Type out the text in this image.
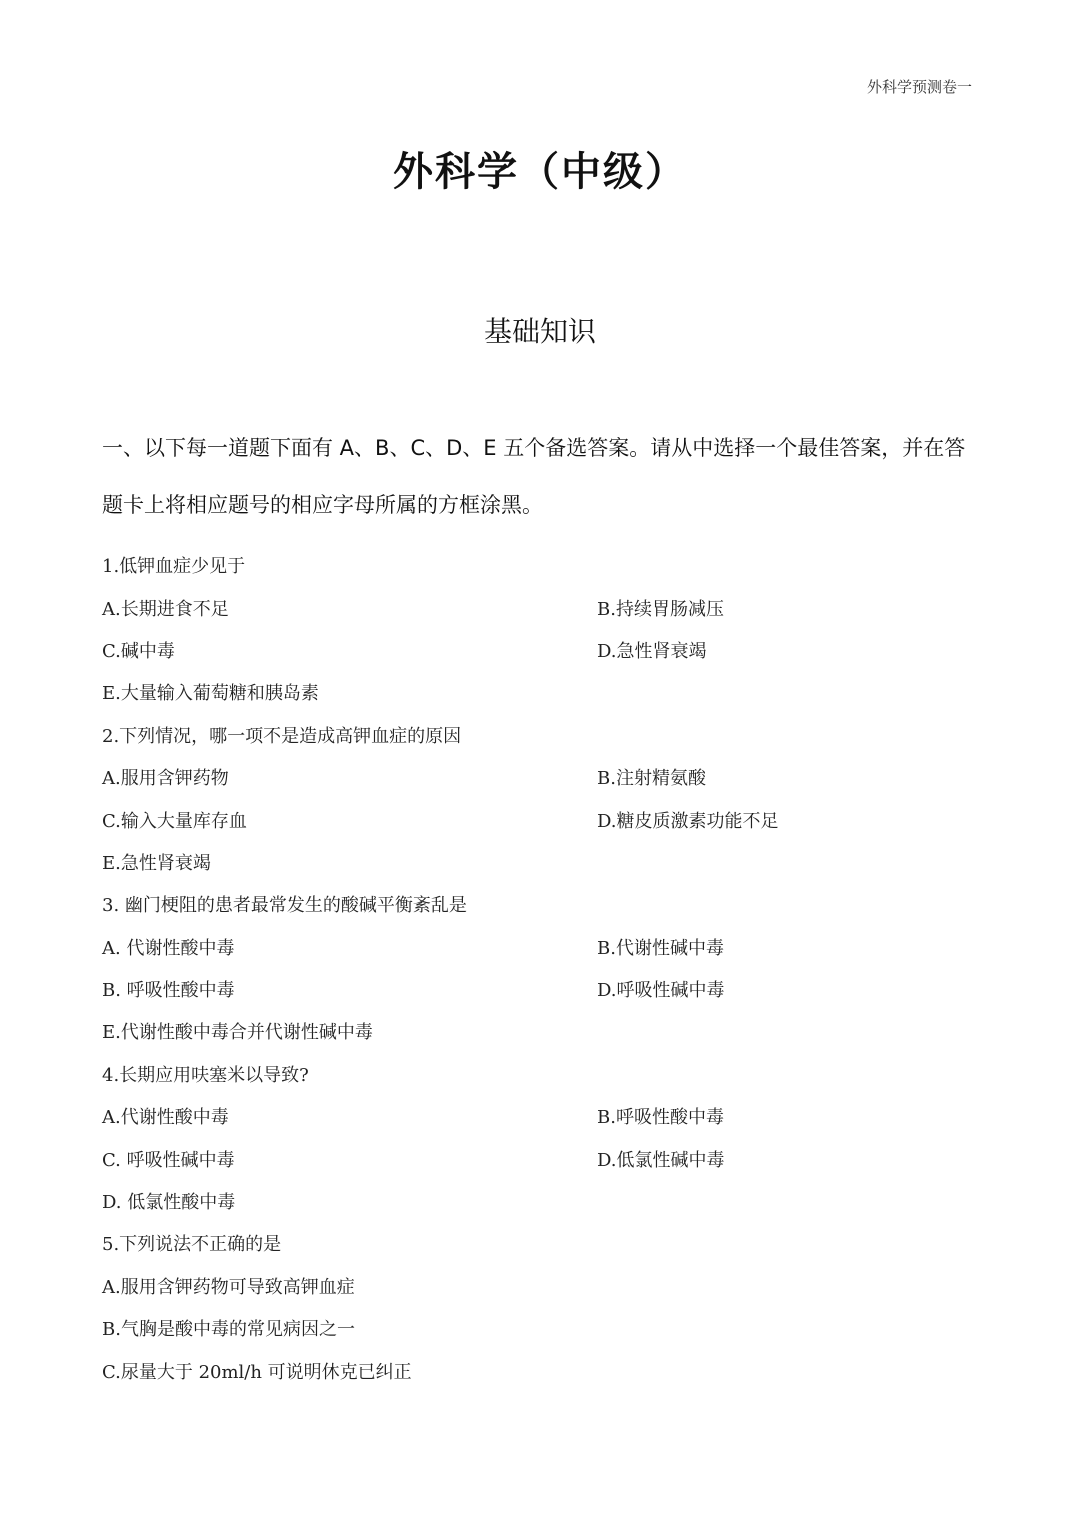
外科学预测卷一
外科学（中级）
基础知识
一、以下每一道题下面有 A、B、C、D、E 五个备选答案。请从中选择一个最佳答案，并在答题卡上将相应题号的相应字母所属的方框涂黑。
1.低钾血症少见于
A.长期进食不足	B.持续胃肠减压
C.碱中毒	D.急性肾衰竭
E.大量输入葡萄糖和胰岛素
2.下列情况，哪一项不是造成高钾血症的原因
A.服用含钾药物	B.注射精氨酸
C.输入大量库存血	D.糖皮质激素功能不足
E.急性肾衰竭
3. 幽门梗阻的患者最常发生的酸碱平衡紊乱是
A. 代谢性酸中毒	B.代谢性碱中毒
B. 呼吸性酸中毒	D.呼吸性碱中毒
E.代谢性酸中毒合并代谢性碱中毒
4.长期应用呋塞米以导致?
A.代谢性酸中毒	B.呼吸性酸中毒
C. 呼吸性碱中毒	D.低氯性碱中毒
D. 低氯性酸中毒
5.下列说法不正确的是
A.服用含钾药物可导致高钾血症
B.气胸是酸中毒的常见病因之一
C.尿量大于 20ml/h 可说明休克已纠正
